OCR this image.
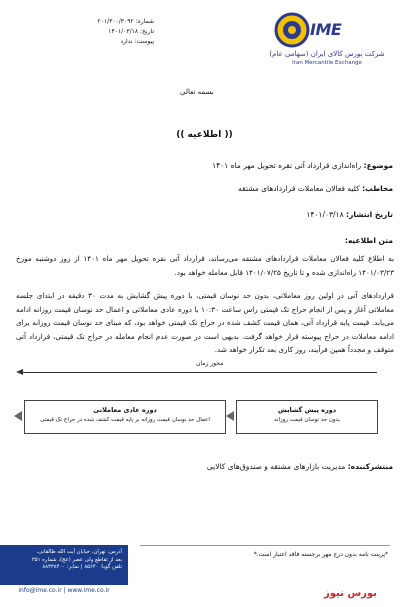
شماره: ۲۰۱/۳۰۰/۳۰۹۲
تاریخ: ۱۴۰۱/۰۳/۱۸
پیوست: ندارد
IME
شرکت بورس کالای ایران (سهامی عام)
Iran Mercantile Exchange
بسمه تعالی
(( اطلاعیه ))
موضوع: راه‌اندازی قرارداد آتی نقره تحویل مهر ماه ۱۴۰۱
مخاطب: کلیه فعالان معاملات قراردادهای مشتقه
تاریخ انتشار: ۱۴۰۱/۰۳/۱۸
متن اطلاعیه:
به اطلاع کلیه فعالان معاملات قراردادهای مشتقه می‌رساند، قرارداد آتی نقره تحویل مهر ماه ۱۴۰۱ از روز دوشنبه مورخ ۱۴۰۱/۰۳/۲۳ راه‌اندازی شده و تا تاریخ ۱۴۰۱/۰۷/۲۵ قابل معامله خواهد بود.
قراردادهای آتی در اولین روز معاملاتی، بدون حد نوسان قیمتی، با دوره پیش گشایش به مدت ۳۰ دقیقه در ابتدای جلسه معاملاتی آغاز و پس از انجام حراج تک قیمتی راس ساعت ۱۰:۳۰ با دوره عادی معاملاتی و اعمال حد نوسان قیمت روزانه ادامه می‌یابد. قیمت پایه قرارداد آتی، همان قیمت کشف شده در حراج تک قیمتی خواهد بود، که مبنای حد نوسان قیمت روزانه برای ادامه معاملات در حراج پیوسته قرار خواهد گرفت. بدیهی است در صورت عدم انجام معامله در حراج تک قیمتی، قرارداد آتی متوقف و مجدداً همین فرآیند، روز کاری بعد تکرار خواهد شد.
محور زمان
دوره پیش گشایش
بدون حد نوسان قیمت روزانه
دوره عادی معاملاتی
اعمال حد نوسان قیمت روزانه بر پایه قیمت کشف شده در حراج تک قیمتی
منتشرکننده: مدیریت بازارهای مشتقه و صندوق‌های کالایی
*پرینت نامه بدون درج مهر برجسته فاقد اعتبار است.*
آدرس: تهران، خیابان آیت الله طالقانی،
بعد از تقاطع ولی عصر (عج)، شماره ۳۵۱
تلفن گویا: ۸۵۶۴۰ | نمابر: ۸۸۳۳۸۴۰۰
info@ime.co.ir | www.ime.co.ir	بورس نیوز
